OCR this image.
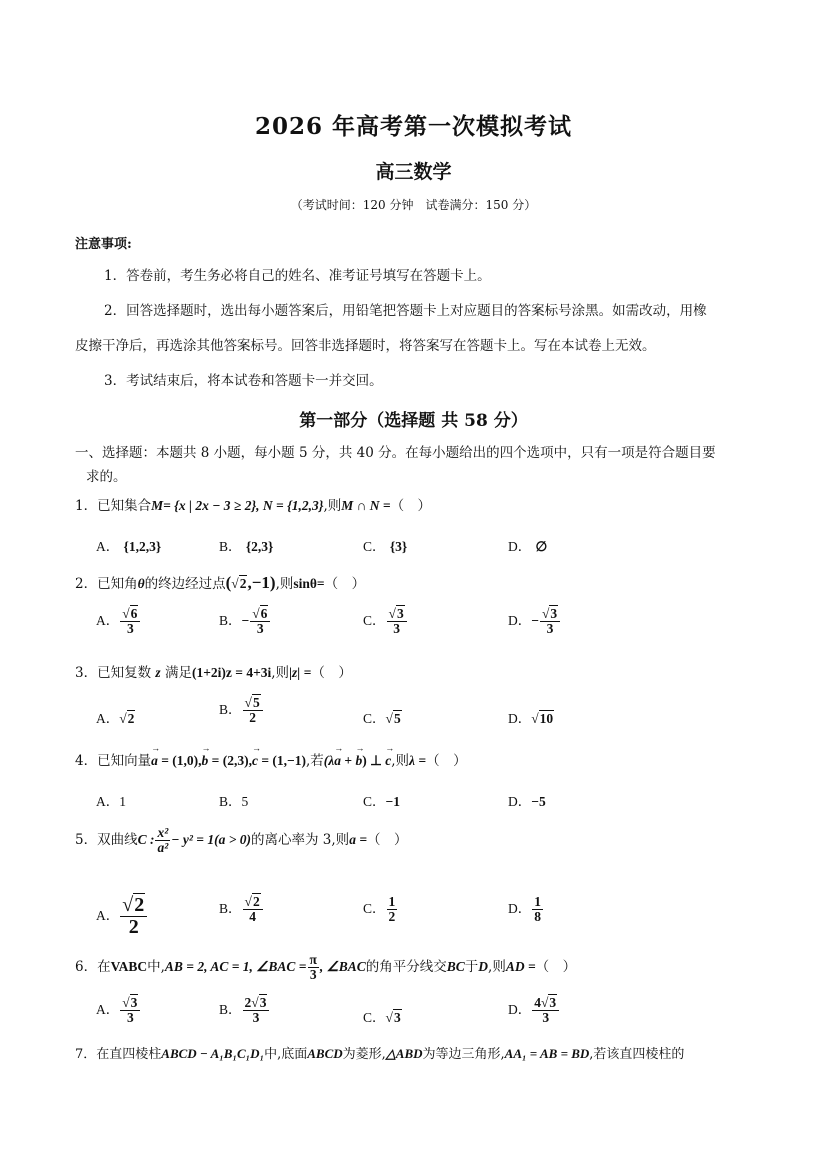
2026 年高考第一次模拟考试
高三数学
（考试时间：120 分钟　试卷满分：150 分）
注意事项:
1．答卷前，考生务必将自己的姓名、准考证号填写在答题卡上。
2．回答选择题时，选出每小题答案后，用铅笔把答题卡上对应题目的答案标号涂黑。如需改动，用橡
皮擦干净后，再选涂其他答案标号。回答非选择题时，将答案写在答题卡上。写在本试卷上无效。
3．考试结束后，将本试卷和答题卡一并交回。
第一部分（选择题 共 58 分）
一、选择题：本题共 8 小题，每小题 5 分，共 40 分。在每小题给出的四个选项中，只有一项是符合题目要
求的。
1．已知集合M= {x | 2x − 3 ≥ 2}, N = {1,2,3},则M ∩ N =（　）
A． {1,2,3}	B． {2,3}	C． {3}	D． ∅
2．已知角θ的终边经过点(√2,−1),则sinθ=（　）
A． $\frac{√6}{3}$	B．− $\frac{√6}{3}$	C． $\frac{√3}{3}$	D．− $\frac{√3}{3}$
3．已知复数 z 满足(1+2i)z = 4+3i,则|z| =（　）
A．√2
B． $\frac{√5}{2}$	C．√5	D．√10
4．已知向量→ a = (1,0),→ b = (2,3),→ c = (1,−1),若(λ→ a + → b) ⊥ → c,则λ =（　）
A．1	B．5	C．−1	D．−5
5．双曲线C : $\frac{\text{x²}}{\text{a²}} - y^2 = 1(a > 0)$的离心率为 3,则a =（　）
A． $\frac{√2}{2}$	B． $\frac{√2}{4}$	C． $\frac{1}{2}$	D． $\frac{1}{8}$
6．在VABC中,AB = 2, AC = 1, ∠BAC = $\frac{\pi}{3}$ , ∠BAC的角平分线交BC于D,则AD =（　）
A． $\frac{√3}{3}$	B． $\frac{2√3}{3}$	C．√3
D． $\frac{4√3}{3}$
7．在直四棱柱ABCD − A₁B₁C₁D₁中,底面ABCD为菱形,△ABD为等边三角形,AA₁ = AB = BD,若该直四棱柱的
